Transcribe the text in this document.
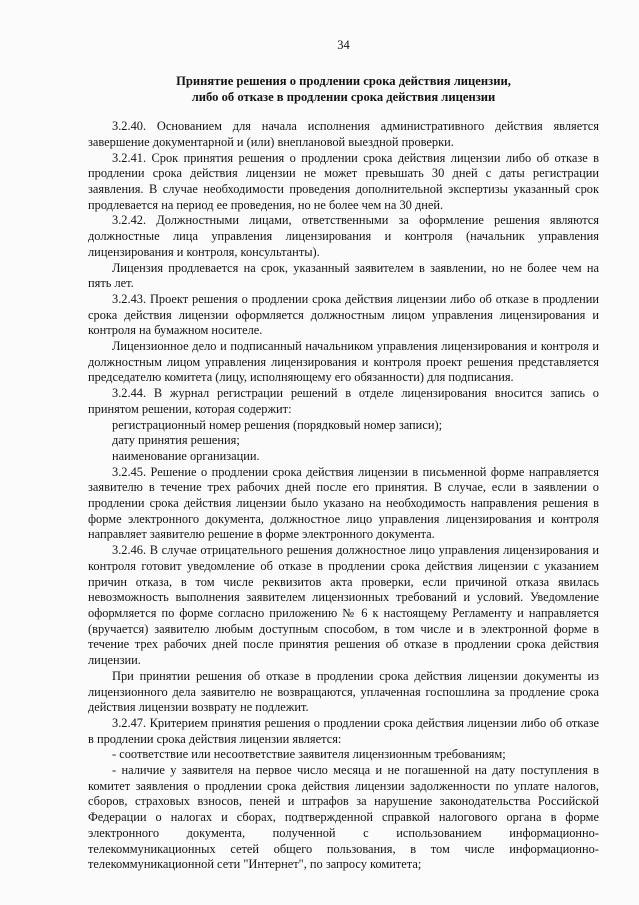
34
Принятие решения о продлении срока действия лицензии,
либо об отказе в продлении срока действия лицензии

3.2.40. Основанием для начала исполнения административного действия является завершение документарной и (или) внеплановой выездной проверки.

3.2.41. Срок принятия решения о продлении срока действия лицензии либо об отказе в продлении срока действия лицензии не может превышать 30 дней с даты регистрации заявления. В случае необходимости проведения дополнительной экспертизы указанный срок продлевается на период ее проведения, но не более чем на 30 дней.

3.2.42. Должностными лицами, ответственными за оформление решения являются должностные лица управления лицензирования и контроля (начальник управления лицензирования и контроля, консультанты).

Лицензия продлевается на срок, указанный заявителем в заявлении, но не более чем на пять лет.

3.2.43. Проект решения о продлении срока действия лицензии либо об отказе в продлении срока действия лицензии оформляется должностным лицом управления лицензирования и контроля на бумажном носителе.

Лицензионное дело и подписанный начальником управления лицензирования и контроля и должностным лицом управления лицензирования и контроля проект решения представляется председателю комитета (лицу, исполняющему его обязанности) для подписания.

3.2.44. В журнал регистрации решений в отделе лицензирования вносится запись о принятом решении, которая содержит:

регистрационный номер решения (порядковый номер записи);

дату принятия решения;

наименование организации.

3.2.45. Решение о продлении срока действия лицензии в письменной форме направляется заявителю в течение трех рабочих дней после его принятия. В случае, если в заявлении о продлении срока действия лицензии было указано на необходимость направления решения в форме электронного документа, должностное лицо управления лицензирования и контроля направляет заявителю решение в форме электронного документа.

3.2.46. В случае отрицательного решения должностное лицо управления лицензирования и контроля готовит уведомление об отказе в продлении срока действия лицензии с указанием причин отказа, в том числе реквизитов акта проверки, если причиной отказа явилась невозможность выполнения заявителем лицензионных требований и условий. Уведомление оформляется по форме согласно приложению № 6 к настоящему Регламенту и направляется (вручается) заявителю любым доступным способом, в том числе и в электронной форме в течение трех рабочих дней после принятия решения об отказе в продлении срока действия лицензии.

При принятии решения об отказе в продлении срока действия лицензии документы из лицензионного дела заявителю не возвращаются, уплаченная госпошлина за продление срока действия лицензии возврату не подлежит.

3.2.47. Критерием принятия решения о продлении срока действия лицензии либо об отказе в продлении срока действия лицензии является:

- соответствие или несоответствие заявителя лицензионным требованиям;

- наличие у заявителя на первое число месяца и не погашенной на дату поступления в комитет заявления о продлении срока действия лицензии задолженности по уплате налогов, сборов, страховых взносов, пеней и штрафов за нарушение законодательства Российской Федерации о налогах и сборах, подтвержденной справкой налогового органа в форме электронного документа, полученной с использованием информационно-телекоммуникационных сетей общего пользования, в том числе информационно-телекоммуникационной сети "Интернет", по запросу комитета;
